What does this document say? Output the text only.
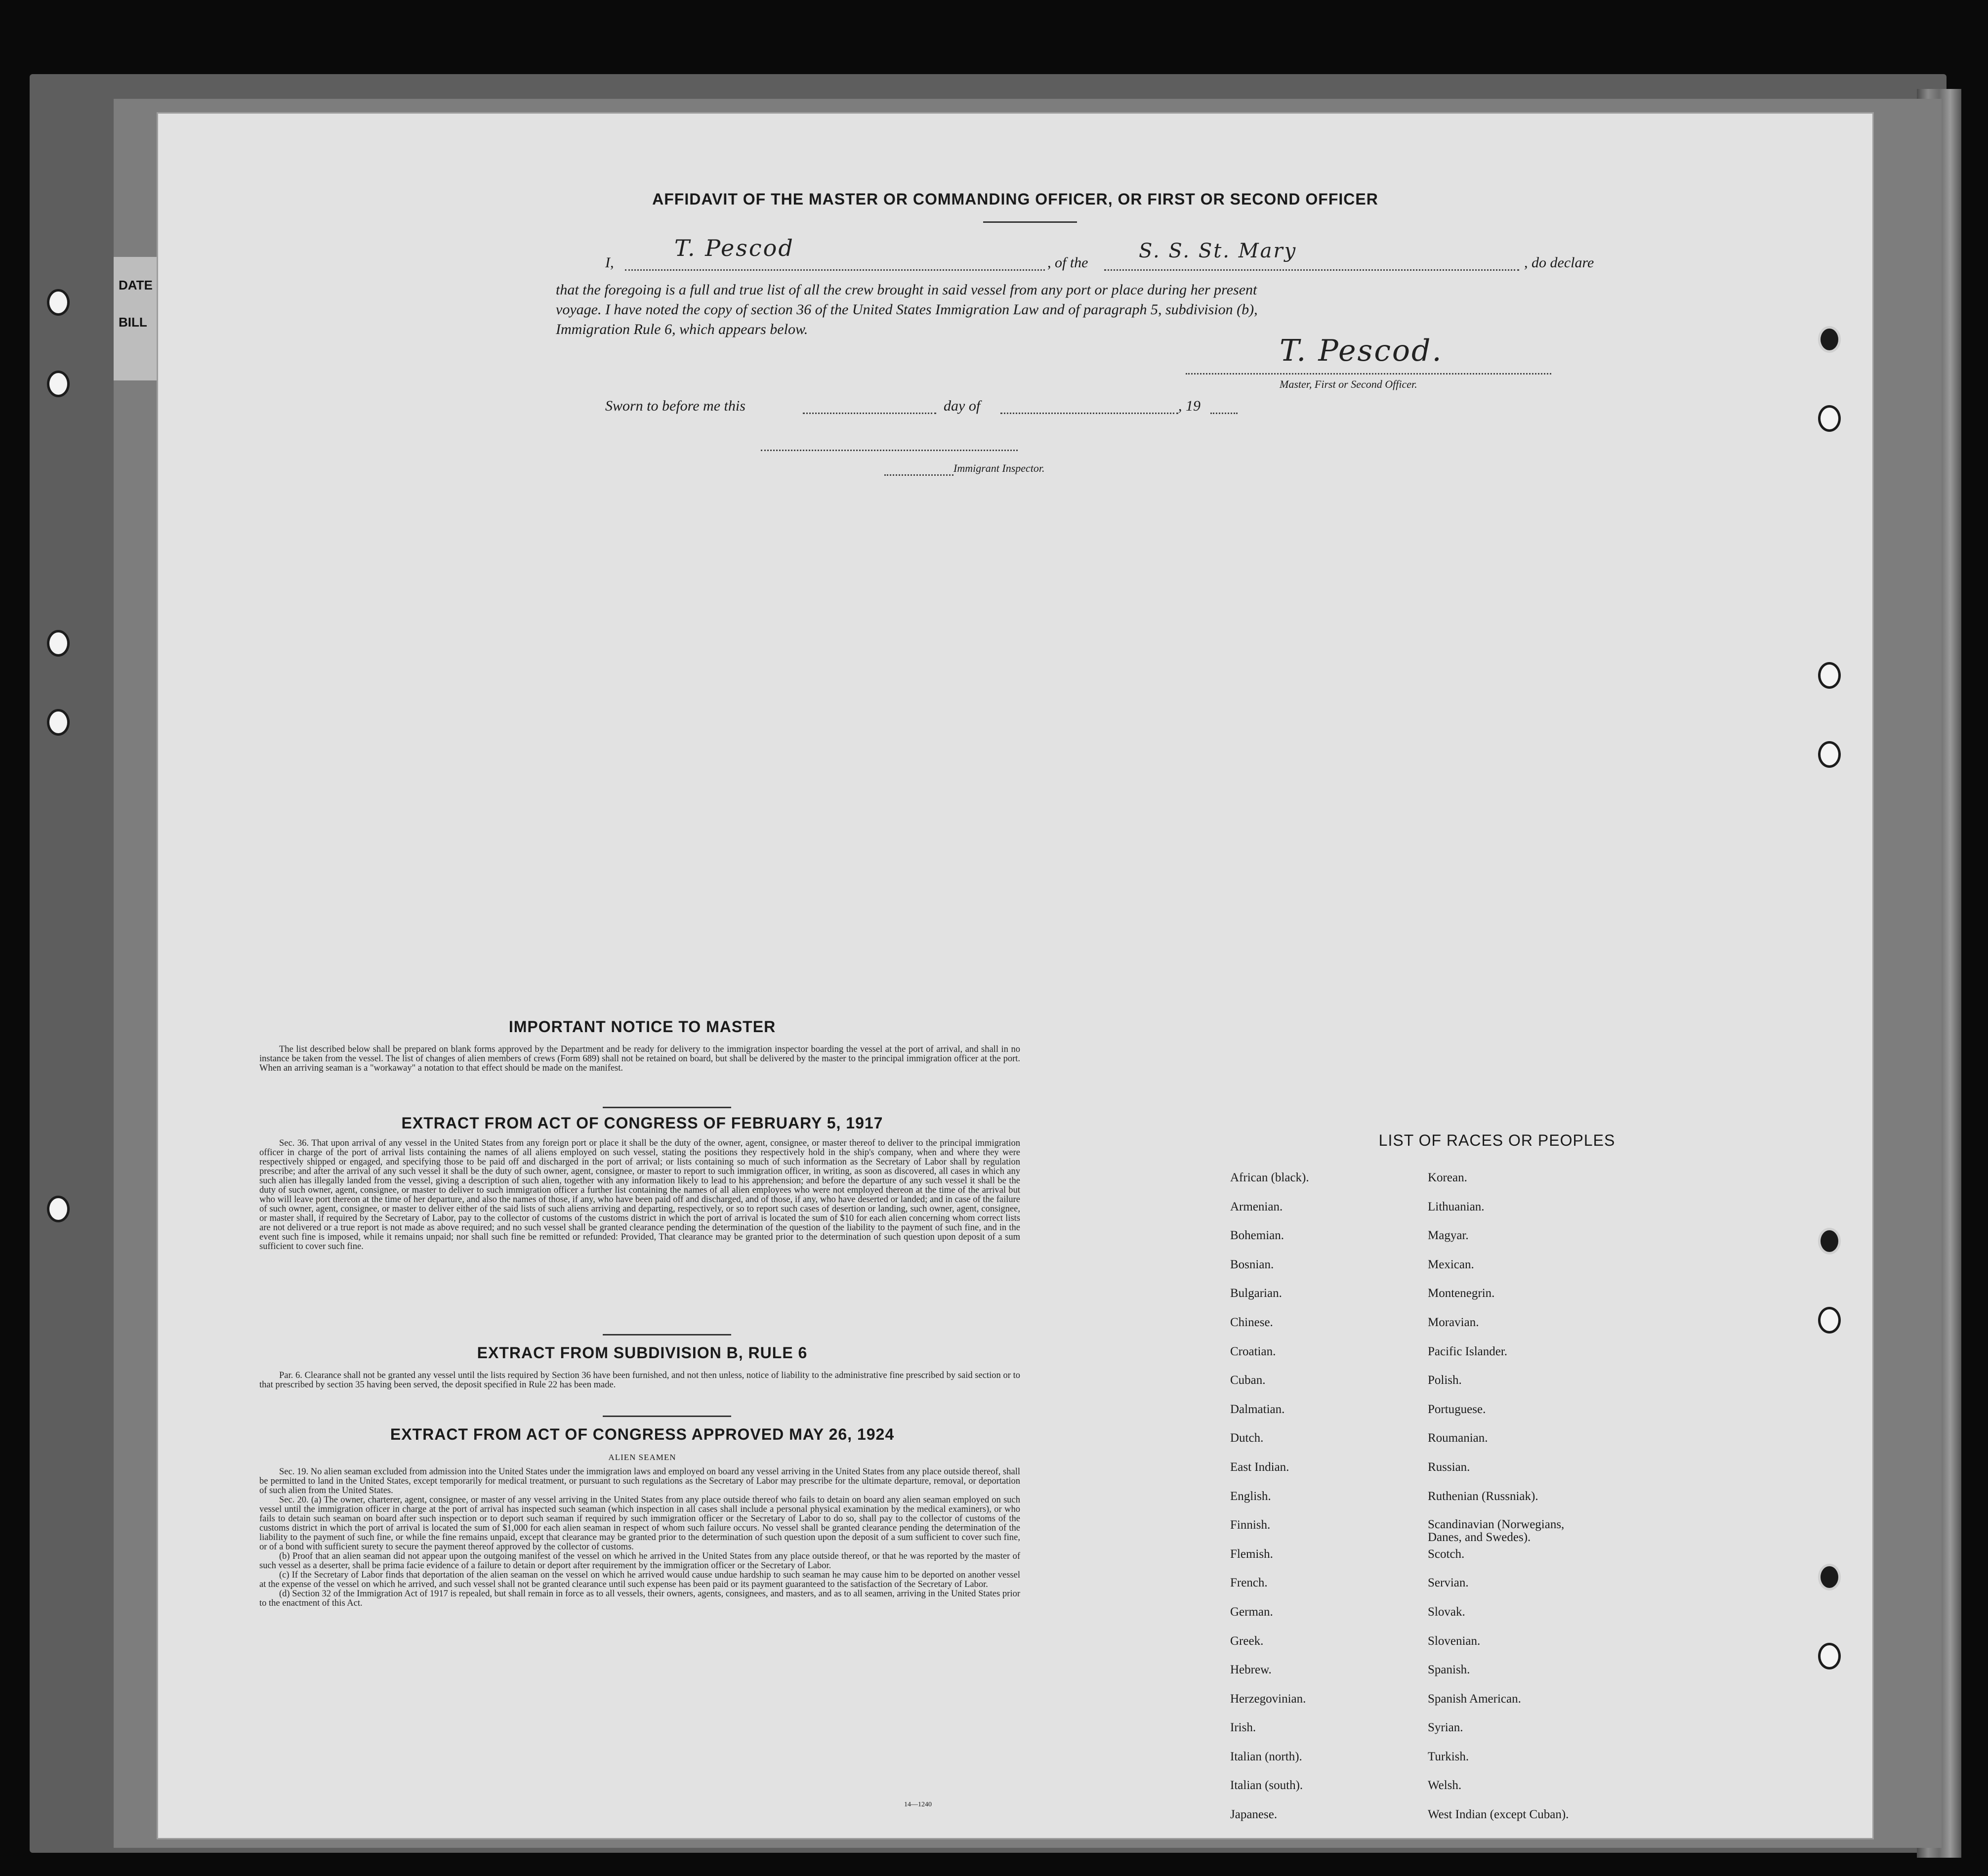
DATE
BILL
AFFIDAVIT OF THE MASTER OR COMMANDING OFFICER, OR FIRST OR SECOND OFFICER
I,
T. Pescod
, of the
S. S. St. Mary
, do declare
that the foregoing is a full and true list of all the crew brought in said vessel from any port or place during her present
voyage. I have noted the copy of section 36 of the United States Immigration Law and of paragraph 5, subdivision (b),
Immigration Rule 6, which appears below.
T. Pescod.
Master, First or Second Officer.
Sworn to before me this	day of	, 19
Immigrant Inspector.
IMPORTANT NOTICE TO MASTER
The list described below shall be prepared on blank forms approved by the Department and be ready for delivery to the immigration inspector boarding the vessel at the port of arrival, and shall in no instance be taken from the vessel. The list of changes of alien members of crews (Form 689) shall not be retained on board, but shall be delivered by the master to the principal immigration officer at the port. When an arriving seaman is a "workaway" a notation to that effect should be made on the manifest.
EXTRACT FROM ACT OF CONGRESS OF FEBRUARY 5, 1917
Sec. 36. That upon arrival of any vessel in the United States from any foreign port or place it shall be the duty of the owner, agent, consignee, or master thereof to deliver to the principal immigration officer in charge of the port of arrival lists containing the names of all aliens employed on such vessel, stating the positions they respectively hold in the ship's company, when and where they were respectively shipped or engaged, and specifying those to be paid off and discharged in the port of arrival; or lists containing so much of such information as the Secretary of Labor shall by regulation prescribe; and after the arrival of any such vessel it shall be the duty of such owner, agent, consignee, or master to report to such immigration officer, in writing, as soon as discovered, all cases in which any such alien has illegally landed from the vessel, giving a description of such alien, together with any information likely to lead to his apprehension; and before the departure of any such vessel it shall be the duty of such owner, agent, consignee, or master to deliver to such immigration officer a further list containing the names of all alien employees who were not employed thereon at the time of the arrival but who will leave port thereon at the time of her departure, and also the names of those, if any, who have been paid off and discharged, and of those, if any, who have deserted or landed; and in case of the failure of such owner, agent, consignee, or master to deliver either of the said lists of such aliens arriving and departing, respectively, or so to report such cases of desertion or landing, such owner, agent, consignee, or master shall, if required by the Secretary of Labor, pay to the collector of customs of the customs district in which the port of arrival is located the sum of $10 for each alien concerning whom correct lists are not delivered or a true report is not made as above required; and no such vessel shall be granted clearance pending the determination of the question of the liability to the payment of such fine, and in the event such fine is imposed, while it remains unpaid; nor shall such fine be remitted or refunded: Provided, That clearance may be granted prior to the determination of such question upon deposit of a sum sufficient to cover such fine.
EXTRACT FROM SUBDIVISION B, RULE 6
Par. 6. Clearance shall not be granted any vessel until the lists required by Section 36 have been furnished, and not then unless, notice of liability to the administrative fine prescribed by said section or to that prescribed by section 35 having been served, the deposit specified in Rule 22 has been made.
EXTRACT FROM ACT OF CONGRESS APPROVED MAY 26, 1924
ALIEN SEAMEN
Sec. 19. No alien seaman excluded from admission into the United States under the immigration laws and employed on board any vessel arriving in the United States from any place outside thereof, shall be permitted to land in the United States, except temporarily for medical treatment, or pursuant to such regulations as the Secretary of Labor may prescribe for the ultimate departure, removal, or deportation of such alien from the United States.
Sec. 20. (a) The owner, charterer, agent, consignee, or master of any vessel arriving in the United States from any place outside thereof who fails to detain on board any alien seaman employed on such vessel until the immigration officer in charge at the port of arrival has inspected such seaman (which inspection in all cases shall include a personal physical examination by the medical examiners), or who fails to detain such seaman on board after such inspection or to deport such seaman if required by such immigration officer or the Secretary of Labor to do so, shall pay to the collector of customs of the customs district in which the port of arrival is located the sum of $1,000 for each alien seaman in respect of whom such failure occurs. No vessel shall be granted clearance pending the determination of the liability to the payment of such fine, or while the fine remains unpaid, except that clearance may be granted prior to the determination of such question upon the deposit of a sum sufficient to cover such fine, or of a bond with sufficient surety to secure the payment thereof approved by the collector of customs.
(b) Proof that an alien seaman did not appear upon the outgoing manifest of the vessel on which he arrived in the United States from any place outside thereof, or that he was reported by the master of such vessel as a deserter, shall be prima facie evidence of a failure to detain or deport after requirement by the immigration officer or the Secretary of Labor.
(c) If the Secretary of Labor finds that deportation of the alien seaman on the vessel on which he arrived would cause undue hardship to such seaman he may cause him to be deported on another vessel at the expense of the vessel on which he arrived, and such vessel shall not be granted clearance until such expense has been paid or its payment guaranteed to the satisfaction of the Secretary of Labor.
(d) Section 32 of the Immigration Act of 1917 is repealed, but shall remain in force as to all vessels, their owners, agents, consignees, and masters, and as to all seamen, arriving in the United States prior to the enactment of this Act.
14—1240
LIST OF RACES OR PEOPLES
African (black).
Armenian.
Bohemian.
Bosnian.
Bulgarian.
Chinese.
Croatian.
Cuban.
Dalmatian.
Dutch.
East Indian.
English.
Finnish.
Flemish.
French.
German.
Greek.
Hebrew.
Herzegovinian.
Irish.
Italian (north).
Italian (south).
Japanese.
Korean.
Lithuanian.
Magyar.
Mexican.
Montenegrin.
Moravian.
Pacific Islander.
Polish.
Portuguese.
Roumanian.
Russian.
Ruthenian (Russniak).
Scandinavian (Norwegians, Danes, and Swedes).
Scotch.
Servian.
Slovak.
Slovenian.
Spanish.
Spanish American.
Syrian.
Turkish.
Welsh.
West Indian (except Cuban).
